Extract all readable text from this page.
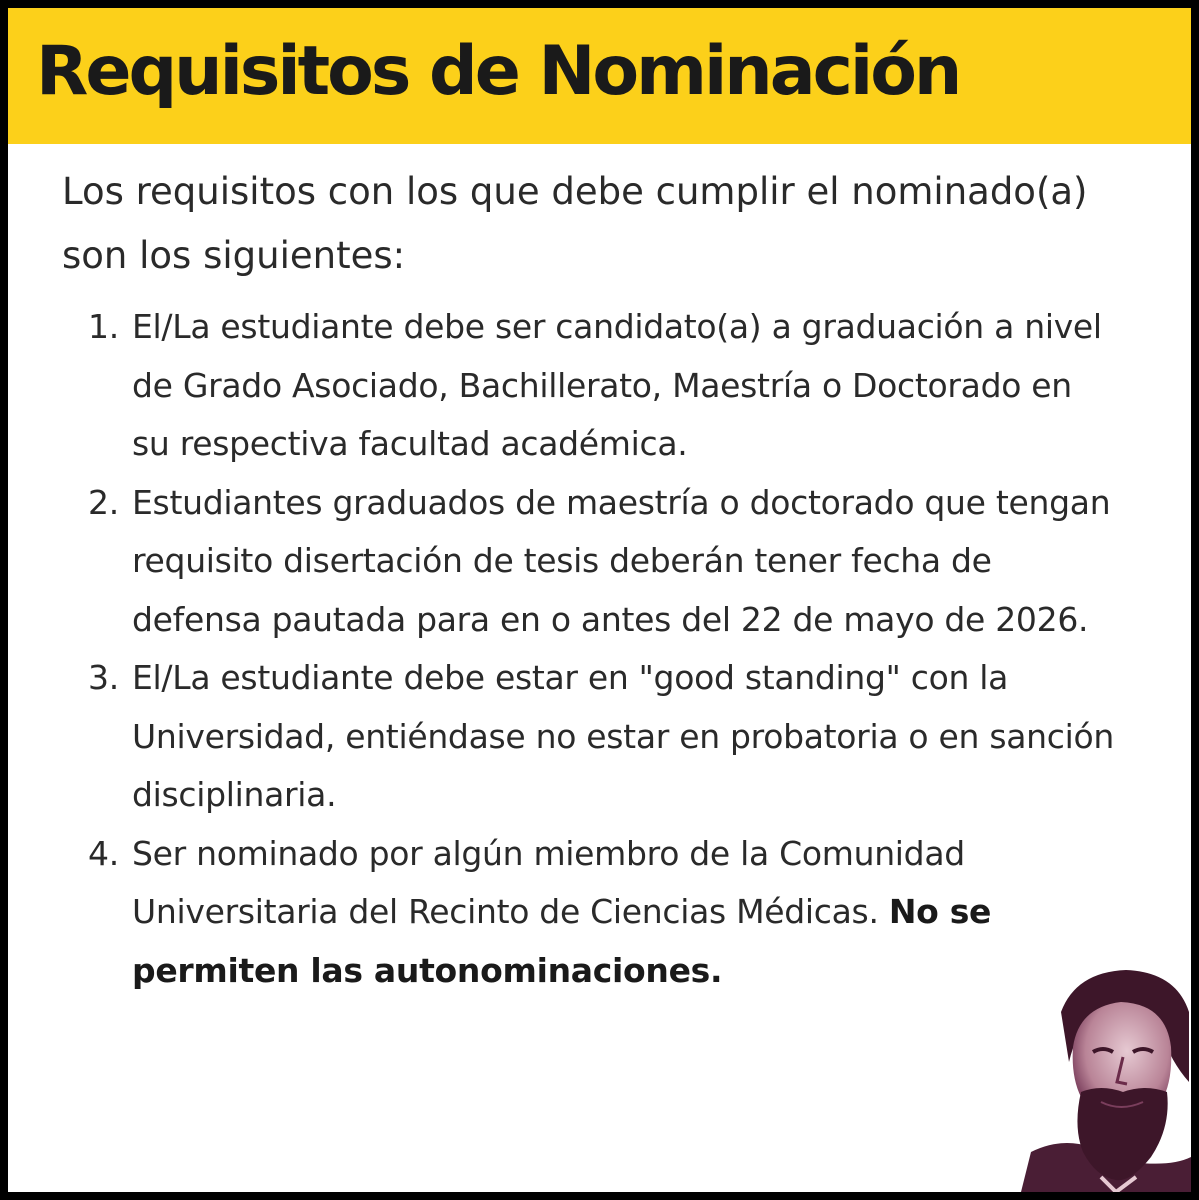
Requisitos de Nominación

Los requisitos con los que debe cumplir el nominado(a) son los siguientes:

1. El/La estudiante debe ser candidato(a) a graduación a nivel de Grado Asociado, Bachillerato, Maestría o Doctorado en su respectiva facultad académica.
2. Estudiantes graduados de maestría o doctorado que tengan requisito disertación de tesis deberán tener fecha de defensa pautada para en o antes del 22 de mayo de 2026.
3. El/La estudiante debe estar en "good standing" con la Universidad, entiéndase no estar en probatoria o en sanción disciplinaria.
4. Ser nominado por algún miembro de la Comunidad Universitaria del Recinto de Ciencias Médicas. No se permiten las autonominaciones.
